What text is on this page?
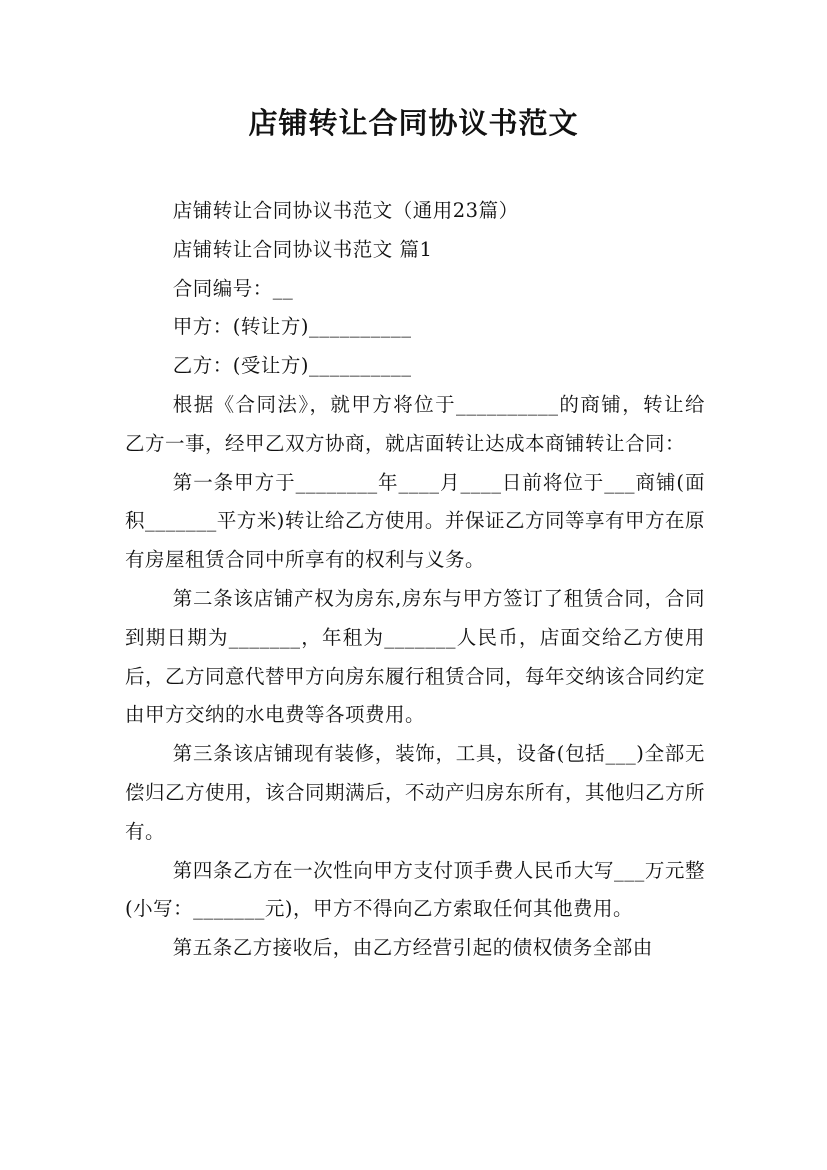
店铺转让合同协议书范文

店铺转让合同协议书范文（通用23篇）

店铺转让合同协议书范文 篇1

合同编号：__

甲方：(转让方)__________

乙方：(受让方)__________

根据《合同法》，就甲方将位于__________的商铺，转让给乙方一事，经甲乙双方协商，就店面转让达成本商铺转让合同：

第一条甲方于________年____月____日前将位于___商铺(面积_______平方米)转让给乙方使用。并保证乙方同等享有甲方在原有房屋租赁合同中所享有的权利与义务。

第二条该店铺产权为房东,房东与甲方签订了租赁合同，合同到期日期为_______，年租为_______人民币，店面交给乙方使用后，乙方同意代替甲方向房东履行租赁合同，每年交纳该合同约定由甲方交纳的水电费等各项费用。

第三条该店铺现有装修，装饰，工具，设备(包括___)全部无偿归乙方使用，该合同期满后，不动产归房东所有，其他归乙方所有。

第四条乙方在一次性向甲方支付顶手费人民币大写___万元整(小写：_______元)，甲方不得向乙方索取任何其他费用。

第五条乙方接收后，由乙方经营引起的债权债务全部由
